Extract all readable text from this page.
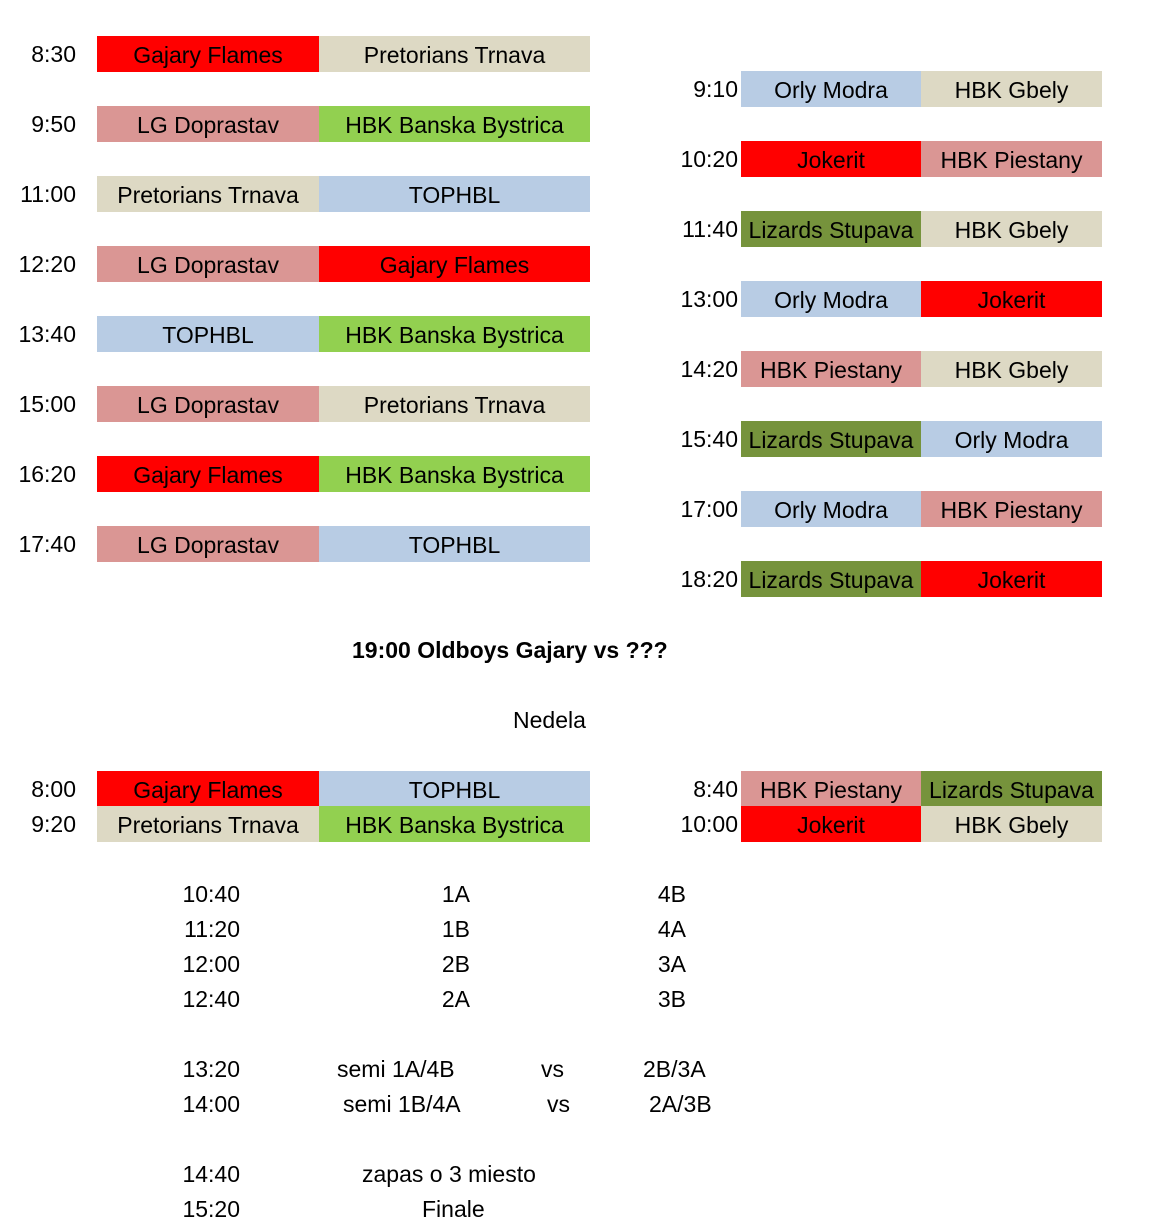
19:00 Oldboys Gajary vs ???
Nedela
8:30	Gajary Flames	Pretorians Trnava
9:50	LG Doprastav	HBK Banska Bystrica
11:00	Pretorians Trnava	TOPHBL
12:20	LG Doprastav	Gajary Flames
13:40	TOPHBL	HBK Banska Bystrica
15:00	LG Doprastav	Pretorians Trnava
16:20	Gajary Flames	HBK Banska Bystrica
17:40	LG Doprastav	TOPHBL
9:10	Orly Modra	HBK Gbely
10:20	Jokerit	HBK Piestany
11:40 Lizards Stupava	HBK Gbely
13:00	Orly Modra	Jokerit
14:20 HBK Piestany	HBK Gbely
15:40 Lizards Stupava	Orly Modra
17:00	Orly Modra	HBK Piestany
18:20 Lizards Stupava	Jokerit
8:00	Gajary Flames	TOPHBL
9:20	Pretorians Trnava	HBK Banska Bystrica
8:40 HBK Piestany	Lizards Stupava
10:00	Jokerit	HBK Gbely
10:40	1A	4B
11:20	1B	4A
12:00	2B	3A
12:40	2A	3B
13:20	semi 1A/4B	vs	2B/3A
14:00	semi 1B/4A	vs	2A/3B
14:40	zapas o 3 miesto
15:20	Finale
